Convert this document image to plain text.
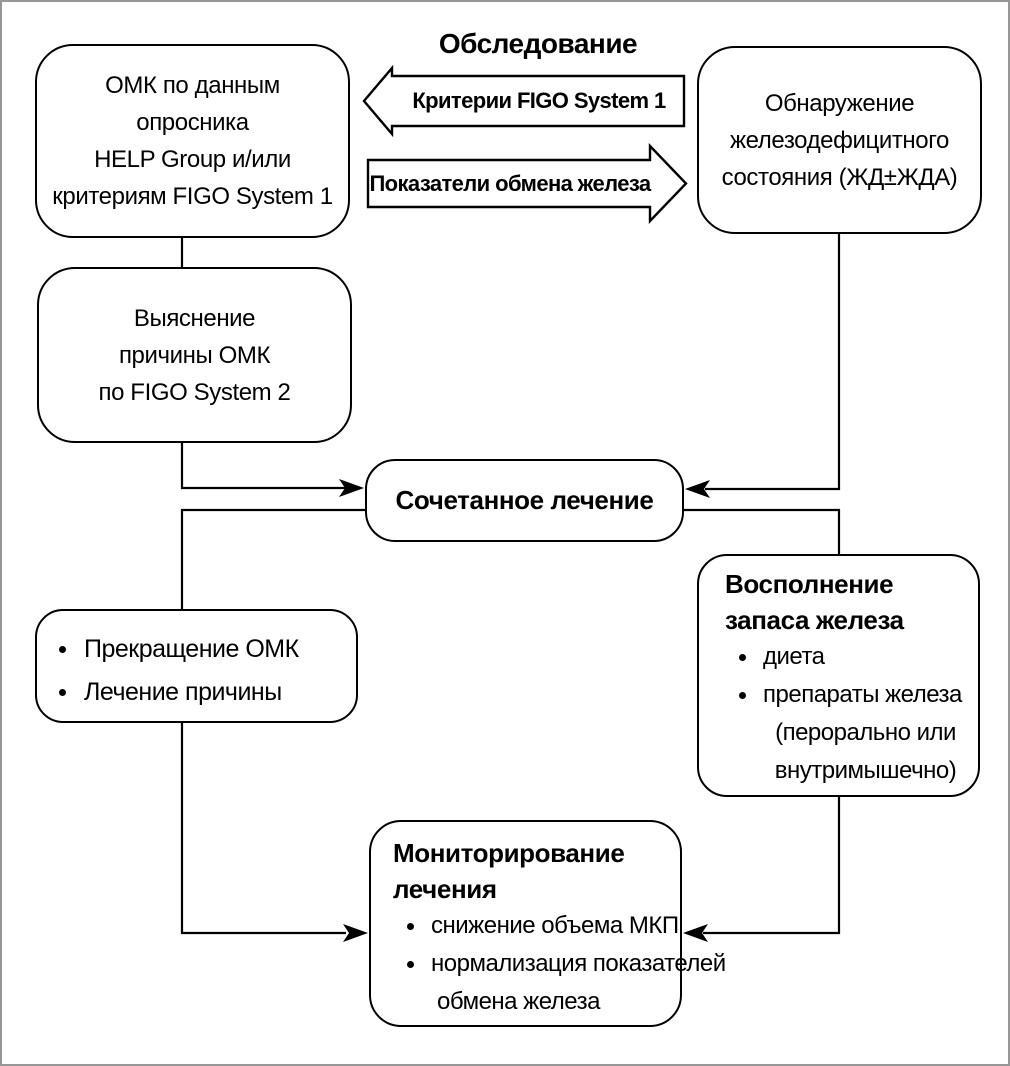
Обследование
Критерии FIGO System 1
Показатели обмена железа
ОМК по данным
опросника
HELP Group и/или
критериям FIGO System 1
Обнаружение
железодефицитного
состояния (ЖД±ЖДА)
Выяснение
причины ОМК
по FIGO System 2
Сочетанное лечение
Прекращение ОМК
Лечение причины
Восполнение
запаса железа
диета
препараты железа
(перорально или
внутримышечно)
Мониторирование
лечения
снижение объема МКП
нормализация показателей
обмена железа
